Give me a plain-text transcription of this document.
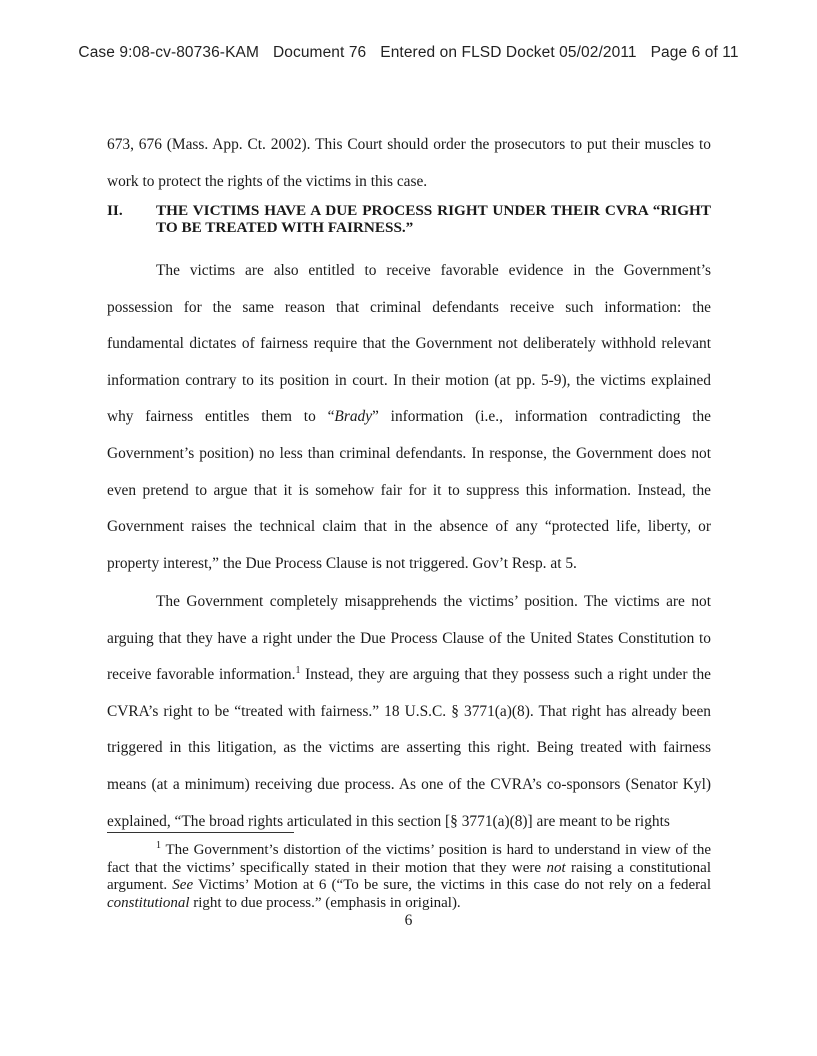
Case 9:08-cv-80736-KAM Document 76 Entered on FLSD Docket 05/02/2011 Page 6 of 11

673, 676 (Mass. App. Ct. 2002). This Court should order the prosecutors to put their muscles to work to protect the rights of the victims in this case.

II. THE VICTIMS HAVE A DUE PROCESS RIGHT UNDER THEIR CVRA “RIGHT TO BE TREATED WITH FAIRNESS.”

The victims are also entitled to receive favorable evidence in the Government’s possession for the same reason that criminal defendants receive such information: the fundamental dictates of fairness require that the Government not deliberately withhold relevant information contrary to its position in court. In their motion (at pp. 5-9), the victims explained why fairness entitles them to “Brady” information (i.e., information contradicting the Government’s position) no less than criminal defendants. In response, the Government does not even pretend to argue that it is somehow fair for it to suppress this information. Instead, the Government raises the technical claim that in the absence of any “protected life, liberty, or property interest,” the Due Process Clause is not triggered. Gov’t Resp. at 5.

The Government completely misapprehends the victims’ position. The victims are not arguing that they have a right under the Due Process Clause of the United States Constitution to receive favorable information.$^1$ Instead, they are arguing that they possess such a right under the CVRA’s right to be “treated with fairness.” 18 U.S.C. § 3771(a)(8). That right has already been triggered in this litigation, as the victims are asserting this right. Being treated with fairness means (at a minimum) receiving due process. As one of the CVRA’s co-sponsors (Senator Kyl) explained, “The broad rights articulated in this section [§ 3771(a)(8)] are meant to be rights

$^1$ The Government’s distortion of the victims’ position is hard to understand in view of the fact that the victims’ specifically stated in their motion that they were not raising a constitutional argument. See Victims’ Motion at 6 (“To be sure, the victims in this case do not rely on a federal constitutional right to due process.” (emphasis in original).

6
